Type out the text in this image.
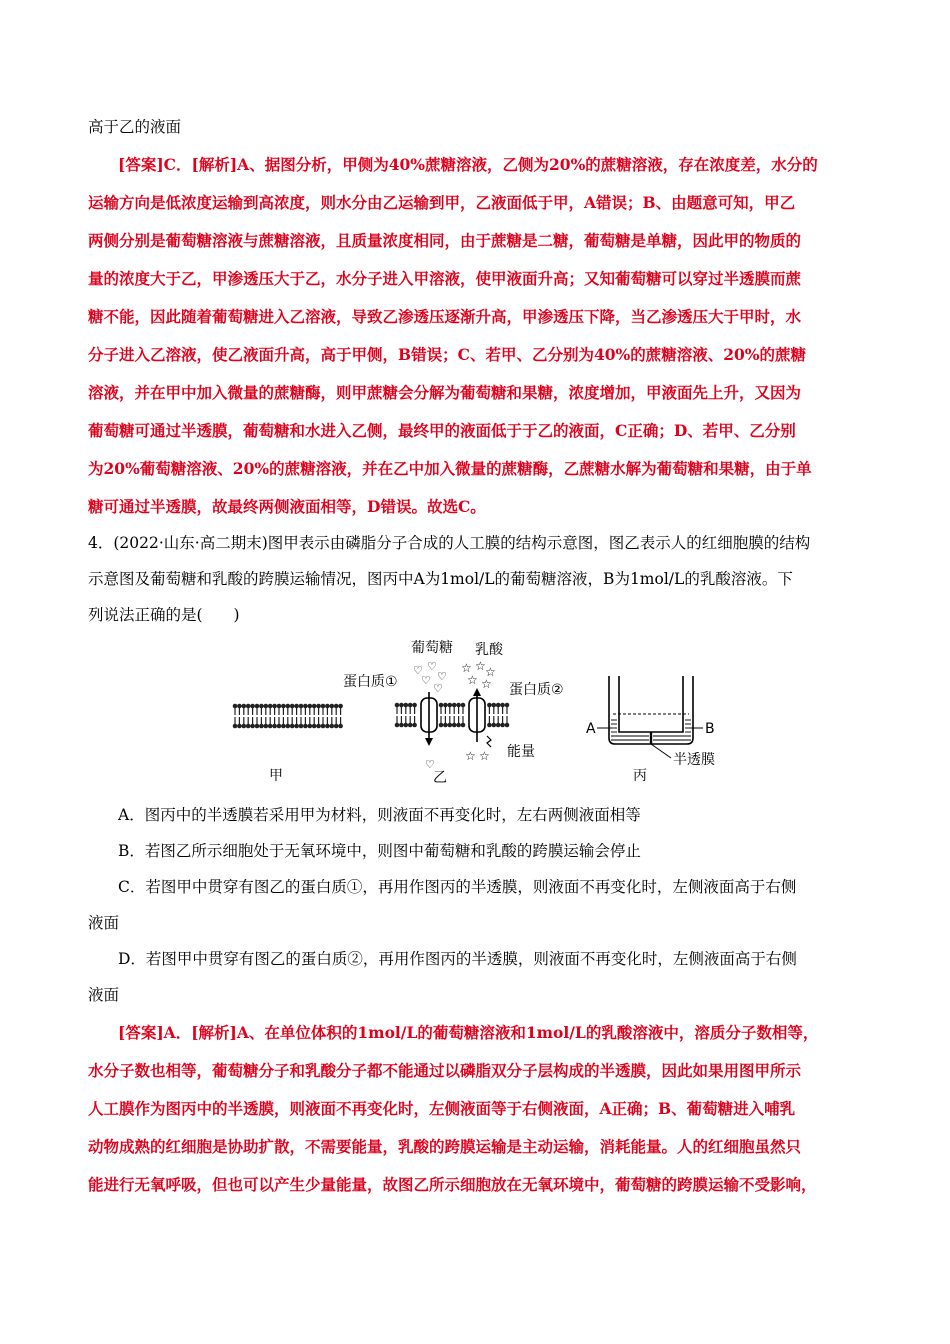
高于乙的液面
[答案]C．[解析]A、据图分析，甲侧为40%蔗糖溶液，乙侧为20%的蔗糖溶液，存在浓度差，水分的
运输方向是低浓度运输到高浓度，则水分由乙运输到甲，乙液面低于甲，A错误；B、由题意可知，甲乙
两侧分别是葡萄糖溶液与蔗糖溶液，且质量浓度相同，由于蔗糖是二糖，葡萄糖是单糖，因此甲的物质的
量的浓度大于乙，甲渗透压大于乙，水分子进入甲溶液，使甲液面升高；又知葡萄糖可以穿过半透膜而蔗
糖不能，因此随着葡萄糖进入乙溶液，导致乙渗透压逐渐升高，甲渗透压下降，当乙渗透压大于甲时，水
分子进入乙溶液，使乙液面升高，高于甲侧，B错误；C、若甲、乙分别为40%的蔗糖溶液、20%的蔗糖
溶液，并在甲中加入微量的蔗糖酶，则甲蔗糖会分解为葡萄糖和果糖，浓度增加，甲液面先上升，又因为
葡萄糖可通过半透膜，葡萄糖和水进入乙侧，最终甲的液面低于于乙的液面，C正确；D、若甲、乙分别
为20%葡萄糖溶液、20%的蔗糖溶液，并在乙中加入微量的蔗糖酶，乙蔗糖水解为葡萄糖和果糖，由于单
糖可通过半透膜，故最终两侧液面相等，D错误。故选C。
4．(2022·山东·高二期末)图甲表示由磷脂分子合成的人工膜的结构示意图，图乙表示人的红细胞膜的结构
示意图及葡萄糖和乳酸的跨膜运输情况，图丙中A为1mol/L的葡萄糖溶液，B为1mol/L的乳酸溶液。下
列说法正确的是(　　)
♡ ♡
♡
♡
♡
♡
☆ ☆ ☆
☆ ☆
☆ ☆
葡萄糖 乳酸
蛋白质①	蛋白质②
能量
A	B
半透膜
甲	乙	丙
A．图丙中的半透膜若采用甲为材料，则液面不再变化时，左右两侧液面相等
B．若图乙所示细胞处于无氧环境中，则图中葡萄糖和乳酸的跨膜运输会停止
C．若图甲中贯穿有图乙的蛋白质①，再用作图丙的半透膜，则液面不再变化时，左侧液面高于右侧
液面
D．若图甲中贯穿有图乙的蛋白质②，再用作图丙的半透膜，则液面不再变化时，左侧液面高于右侧
液面
[答案]A．[解析]A、在单位体积的1mol/L的葡萄糖溶液和1mol/L的乳酸溶液中，溶质分子数相等，
水分子数也相等，葡萄糖分子和乳酸分子都不能通过以磷脂双分子层构成的半透膜，因此如果用图甲所示
人工膜作为图丙中的半透膜，则液面不再变化时，左侧液面等于右侧液面，A正确；B、葡萄糖进入哺乳
动物成熟的红细胞是协助扩散，不需要能量，乳酸的跨膜运输是主动运输，消耗能量。人的红细胞虽然只
能进行无氧呼吸，但也可以产生少量能量，故图乙所示细胞放在无氧环境中，葡萄糖的跨膜运输不受影响，
